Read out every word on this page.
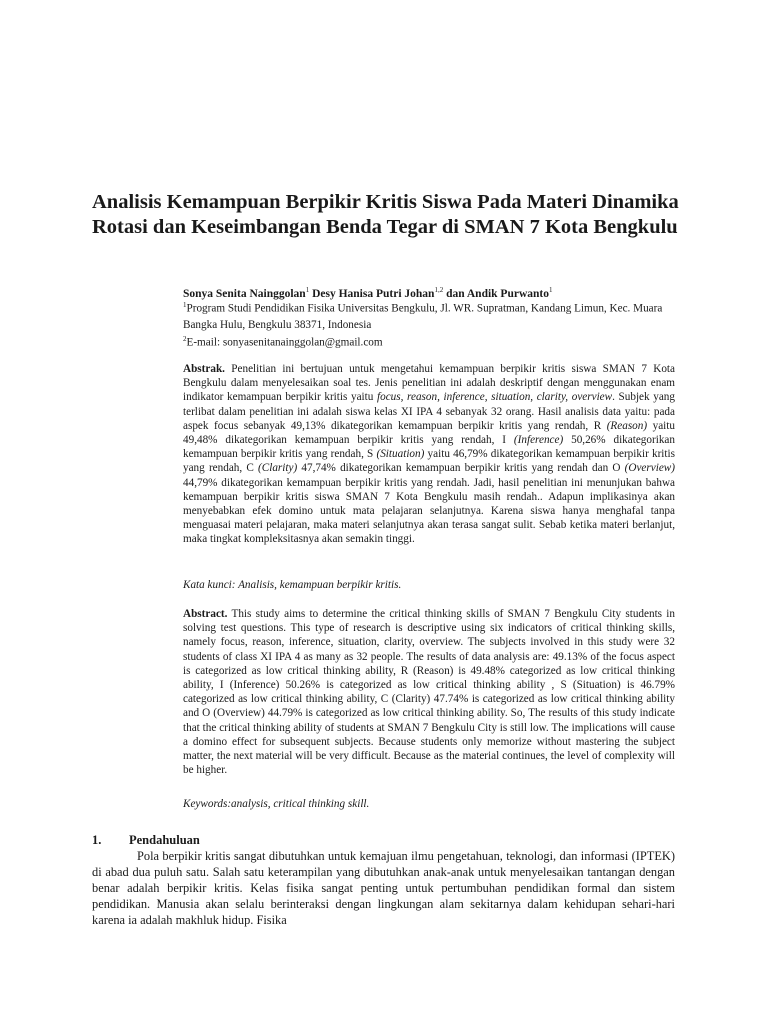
Analisis Kemampuan Berpikir Kritis Siswa Pada Materi Dinamika Rotasi dan Keseimbangan Benda Tegar di SMAN 7 Kota Bengkulu
Sonya Senita Nainggolan$^1$ Desy Hanisa Putri Johan$^{1,2}$ dan Andik Purwanto$^1$
$^1$Program Studi Pendidikan Fisika Universitas Bengkulu, Jl. WR. Supratman, Kandang Limun, Kec. Muara Bangka Hulu, Bengkulu 38371, Indonesia
$^2$E-mail: sonyasenitanainggolan@gmail.com

Abstrak. Penelitian ini bertujuan untuk mengetahui kemampuan berpikir kritis siswa SMAN 7 Kota Bengkulu dalam menyelesaikan soal tes. Jenis penelitian ini adalah deskriptif dengan menggunakan enam indikator kemampuan berpikir kritis yaitu focus, reason, inference, situation, clarity, overview. Subjek yang terlibat dalam penelitian ini adalah siswa kelas XI IPA 4 sebanyak 32 orang. Hasil analisis data yaitu: pada aspek focus sebanyak 49,13% dikategorikan kemampuan berpikir kritis yang rendah, R (Reason) yaitu 49,48% dikategorikan kemampuan berpikir kritis yang rendah, I (Inference) 50,26% dikategorikan kemampuan berpikir kritis yang rendah, S (Situation) yaitu 46,79% dikategorikan kemampuan berpikir kritis yang rendah, C (Clarity) 47,74% dikategorikan kemampuan berpikir kritis yang rendah dan O (Overview) 44,79% dikategorikan kemampuan berpikir kritis yang rendah. Jadi, hasil penelitian ini menunjukan bahwa kemampuan berpikir kritis siswa SMAN 7 Kota Bengkulu masih rendah.. Adapun implikasinya akan menyebabkan efek domino untuk mata pelajaran selanjutnya. Karena siswa hanya menghafal tanpa menguasai materi pelajaran, maka materi selanjutnya akan terasa sangat sulit. Sebab ketika materi berlanjut, maka tingkat kompleksitasnya akan semakin tinggi.

Kata kunci: Analisis, kemampuan berpikir kritis.

Abstract. This study aims to determine the critical thinking skills of SMAN 7 Bengkulu City students in solving test questions. This type of research is descriptive using six indicators of critical thinking skills, namely focus, reason, inference, situation, clarity, overview. The subjects involved in this study were 32 students of class XI IPA 4 as many as 32 people. The results of data analysis are: 49.13% of the focus aspect is categorized as low critical thinking ability, R (Reason) is 49.48% categorized as low critical thinking ability, I (Inference) 50.26% is categorized as low critical thinking ability , S (Situation) is 46.79% categorized as low critical thinking ability, C (Clarity) 47.74% is categorized as low critical thinking ability and O (Overview) 44.79% is categorized as low critical thinking ability. So, The results of this study indicate that the critical thinking ability of students at SMAN 7 Bengkulu City is still low. The implications will cause a domino effect for subsequent subjects. Because students only memorize without mastering the subject matter, the next material will be very difficult. Because as the material continues, the level of complexity will be higher.

Keywords:analysis, critical thinking skill.

1. Pendahuluan

Pola berpikir kritis sangat dibutuhkan untuk kemajuan ilmu pengetahuan, teknologi, dan informasi (IPTEK) di abad dua puluh satu. Salah satu keterampilan yang dibutuhkan anak-anak untuk menyelesaikan tantangan dengan benar adalah berpikir kritis. Kelas fisika sangat penting untuk pertumbuhan pendidikan formal dan sistem pendidikan. Manusia akan selalu berinteraksi dengan lingkungan alam sekitarnya dalam kehidupan sehari-hari karena ia adalah makhluk hidup. Fisika
